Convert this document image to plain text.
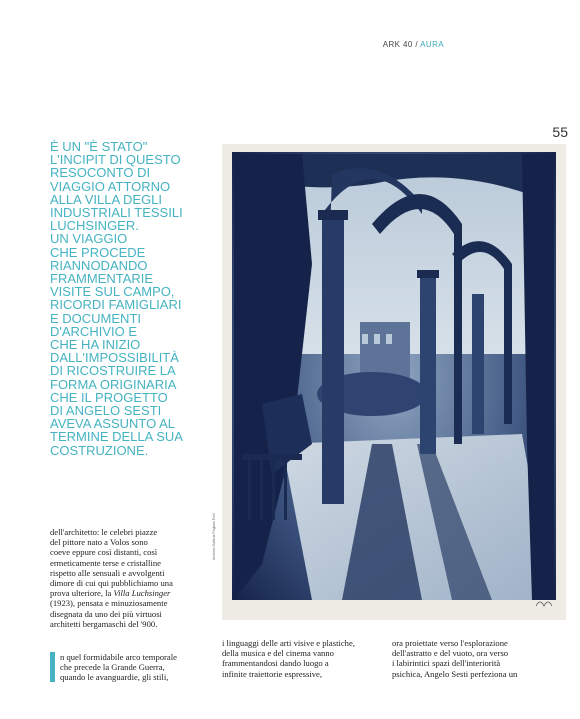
ARK 40 / AURA
55
È UN "È STATO"
L'INCIPIT DI QUESTO
RESOCONTO DI
VIAGGIO ATTORNO
ALLA VILLA DEGLI
INDUSTRIALI TESSILI
LUCHSINGER.
UN VIAGGIO
CHE PROCEDE
RIANNODANDO
FRAMMENTARIE
VISITE SUL CAMPO,
RICORDI FAMIGLIARI
E DOCUMENTI
D'ARCHIVIO E
CHE HA INIZIO
DALL'IMPOSSIBILITÀ
DI RICOSTRUIRE LA
FORMA ORIGINARIA
CHE IL PROGETTO
DI ANGELO SESTI
AVEVA ASSUNTO AL
TERMINE DELLA SUA
COSTRUZIONE.
Archivio Galleria Pogliani Ferri
dell'architetto: le celebri piazze
del pittore nato a Volos sono
coeve eppure così distanti, così
ermeticamente terse e cristalline
rispetto alle sensuali e avvolgenti
dimore di cui qui pubblichiamo una
prova ulteriore, la Villa Luchsinger
(1923), pensata e minuziosamente
disegnata da uno dei più virtuosi
architetti bergamaschi del '900.
n quel formidabile arco temporale
che precede la Grande Guerra,
quando le avanguardie, gli stili,
i linguaggi delle arti visive e plastiche,
della musica e del cinema vanno
frammentandosi dando luogo a
infinite traiettorie espressive,
ora proiettate verso l'esplorazione
dell'astratto e del vuoto, ora verso
i labirintici spazi dell'interiorità
psichica, Angelo Sesti perfeziona un
